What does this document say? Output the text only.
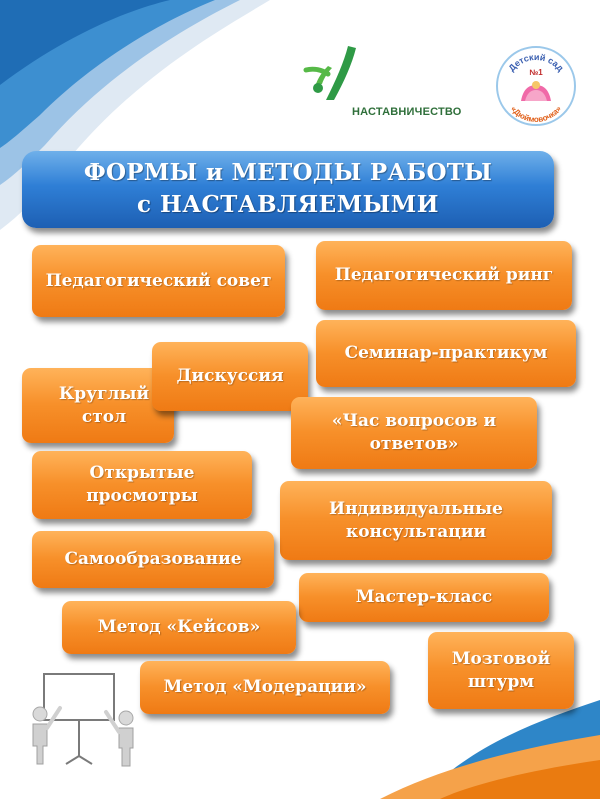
НАСТАВНИЧЕСТВО
Детский сад
«Дюймовочка»
№1
ФОРМЫ и МЕТОДЫ РАБОТЫ
с НАСТАВЛЯЕМЫМИ
Педагогический совет	Педагогический ринг
Семинар-практикум
Круглый стол
Дискуссия
«Час вопросов и ответов»
Открытые просмотры
Индивидуальные консультации
Самообразование
Мастер-класс
Метод «Кейсов»
Мозговой штурм
Метод «Модерации»
